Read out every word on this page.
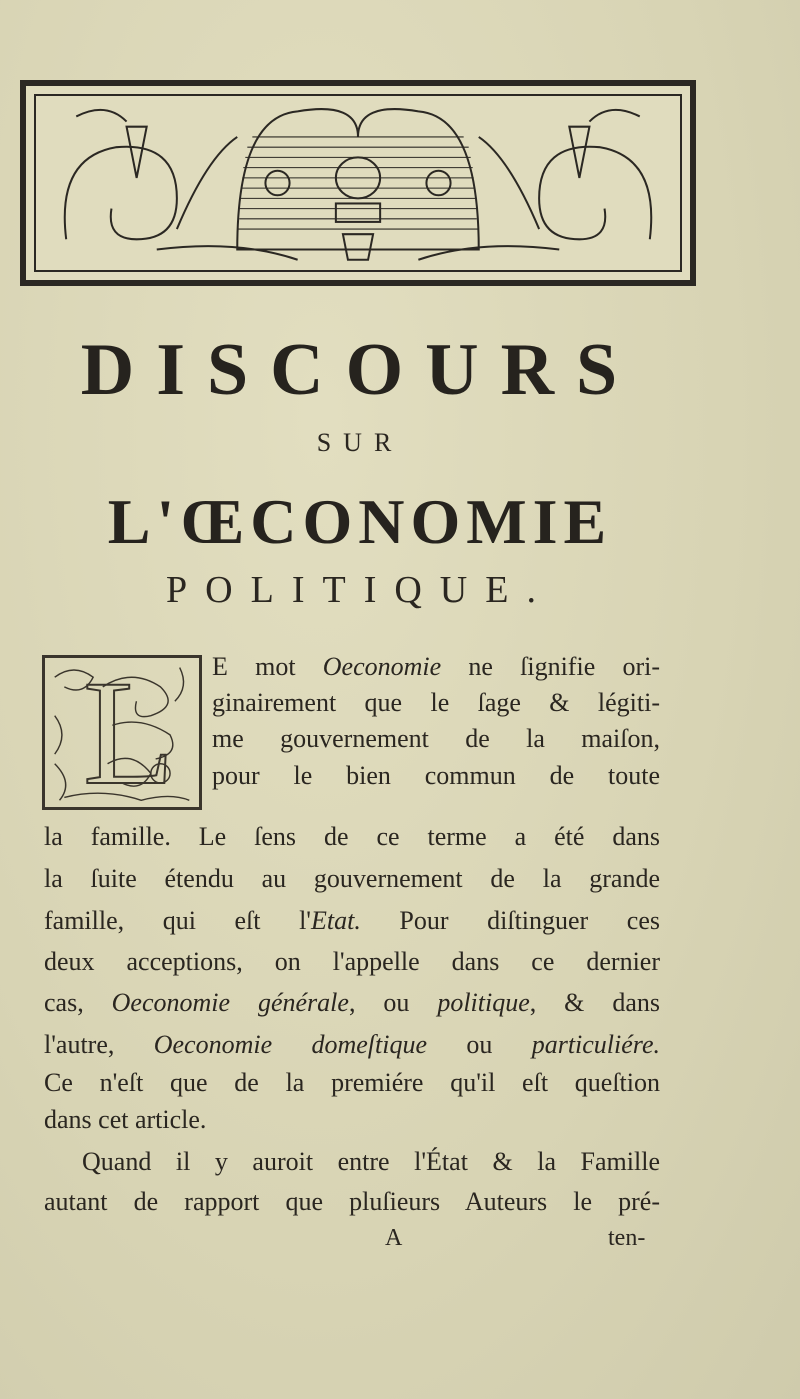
DISCOURS
SUR
L'ŒCONOMIE
POLITIQUE.
L E mot Oeconomie ne ſignifie ori-
ginairement que le ſage & légiti-
me gouvernement de la maiſon,
pour le bien commun de toute
la famille. Le ſens de ce terme a été dans
la ſuite étendu au gouvernement de la grande
famille, qui eſt l'Etat. Pour diſtinguer ces
deux acceptions, on l'appelle dans ce dernier
cas, Oeconomie générale, ou politique, & dans
l'autre, Oeconomie domeſtique ou particuliére.
Ce n'eſt que de la premiére qu'il eſt queſtion
dans cet article.
Quand il y auroit entre l'État & la Famille
autant de rapport que pluſieurs Auteurs le pré-
A	ten-
